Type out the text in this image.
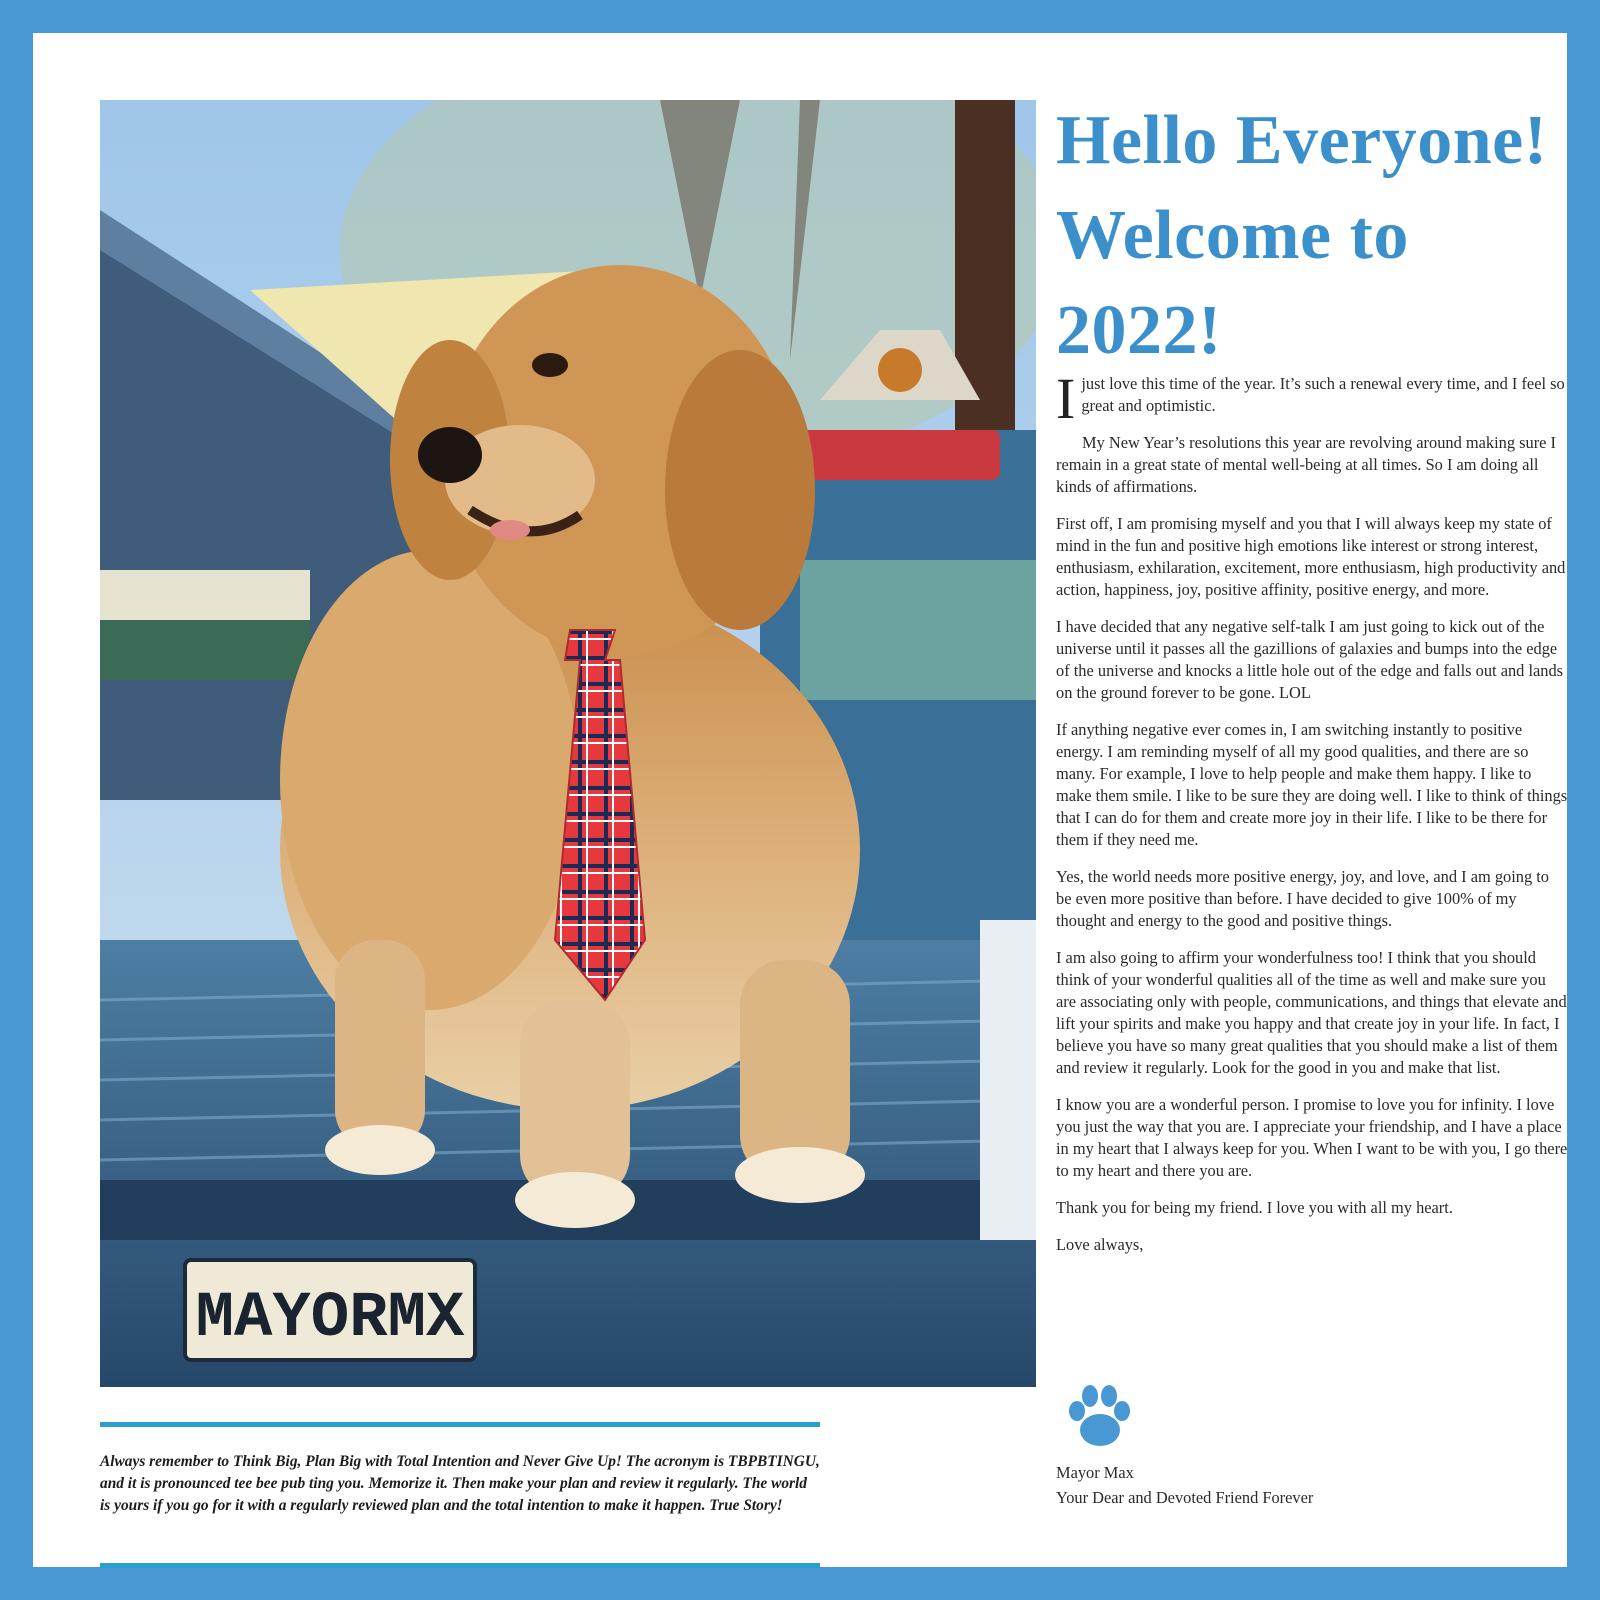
MAYORMX

Always remember to Think Big, Plan Big with Total Intention and Never Give Up! The acronym is TBPBTINGU, and it is pronounced tee bee pub ting you. Memorize it. Then make your plan and review it regularly. The world is yours if you go for it with a regularly reviewed plan and the total intention to make it happen. True Story!

Hello Everyone!
Welcome to
2022!

I just love this time of the year. It’s such a renewal every time, and I feel so great and optimistic.

My New Year’s resolutions this year are revolving around making sure I remain in a great state of mental well-being at all times. So I am doing all kinds of affirmations.

First off, I am promising myself and you that I will always keep my state of mind in the fun and positive high emotions like interest or strong interest, enthusiasm, exhilaration, excitement, more enthusiasm, high productivity and action, happiness, joy, positive affinity, positive energy, and more.

I have decided that any negative self-talk I am just going to kick out of the universe until it passes all the gazillions of galaxies and bumps into the edge of the universe and knocks a little hole out of the edge and falls out and lands on the ground forever to be gone. LOL

If anything negative ever comes in, I am switching instantly to positive energy. I am reminding myself of all my good qualities, and there are so many. For example, I love to help people and make them happy. I like to make them smile. I like to be sure they are doing well. I like to think of things that I can do for them and create more joy in their life. I like to be there for them if they need me.

Yes, the world needs more positive energy, joy, and love, and I am going to be even more positive than before. I have decided to give 100% of my thought and energy to the good and positive things.

I am also going to affirm your wonderfulness too! I think that you should think of your wonderful qualities all of the time as well and make sure you are associating only with people, communications, and things that elevate and lift your spirits and make you happy and that create joy in your life. In fact, I believe you have so many great qualities that you should make a list of them and review it regularly. Look for the good in you and make that list.

I know you are a wonderful person. I promise to love you for infinity. I love you just the way that you are. I appreciate your friendship, and I have a place in my heart that I always keep for you. When I want to be with you, I go there to my heart and there you are.

Thank you for being my friend. I love you with all my heart.

Love always,

Mayor Max
Your Dear and Devoted Friend Forever
